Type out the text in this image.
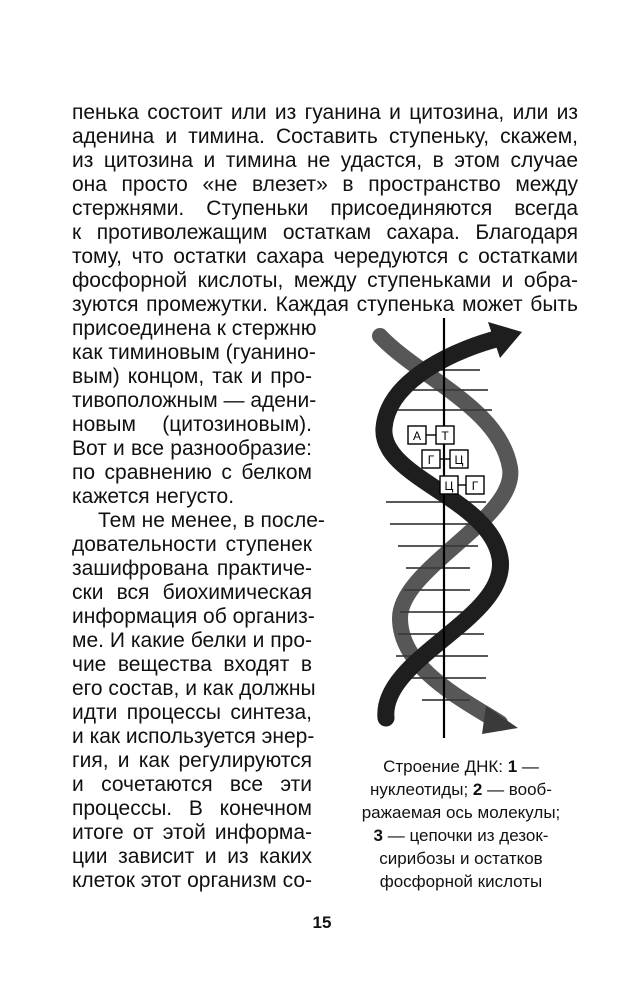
пенька состоит или из гуанина и цитозина, или из
аденина и тимина. Составить ступеньку, скажем,
из цитозина и тимина не удастся, в этом случае
она просто «не влезет» в пространство между
стержнями. Ступеньки присоединяются всегда
к противолежащим остаткам сахара. Благодаря
тому, что остатки сахара чередуются с остатками
фосфорной кислоты, между ступеньками и обра-
зуются промежутки. Каждая ступенька может быть
присоединена к стержню
как тиминовым (гуанино-
вым) концом, так и про-
тивоположным — адени-
новым (цитозиновым).
Вот и все разнообразие:
по сравнению с белком
кажется негусто.
Тем не менее, в после-
довательности ступенек
зашифрована практиче-
ски вся биохимическая
информация об организ-
ме. И какие белки и про-
чие вещества входят в
его состав, и как должны
идти процессы синтеза,
и как используется энер-
гия, и как регулируются
и сочетаются все эти
процессы. В конечном
итоге от этой информа-
ции зависит и из каких
клеток этот организм со-
А Т
Г Ц
Ц Г
Строение ДНК: 1 —
нуклеотиды; 2 — вооб-
ражаемая ось молекулы;
3 — цепочки из дезок-
сирибозы и остатков
фосфорной кислоты
15
